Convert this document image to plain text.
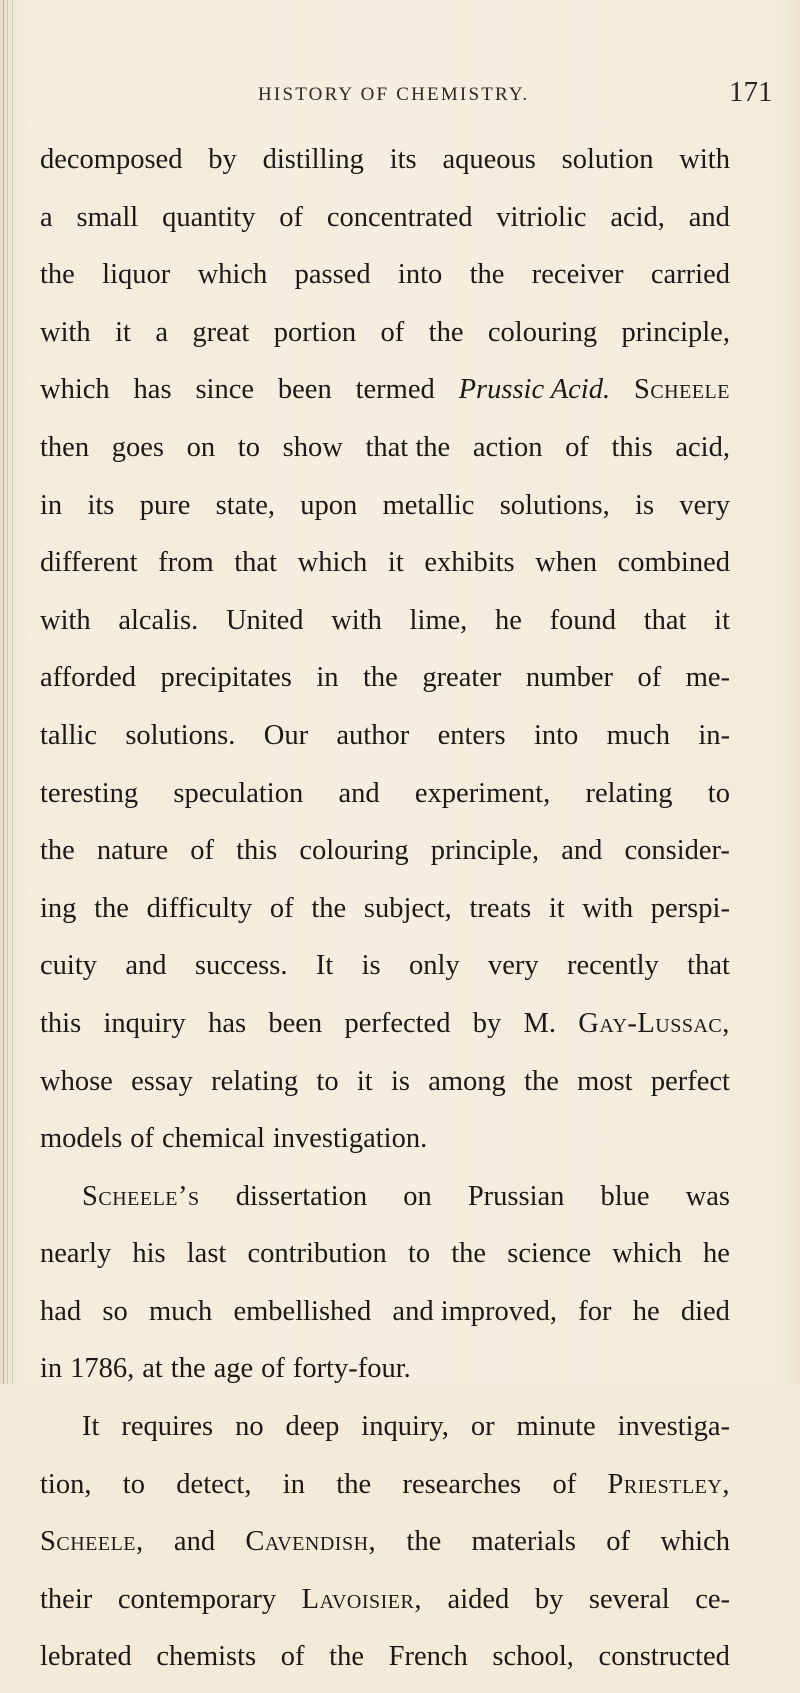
HISTORY OF CHEMISTRY.	171
decomposed by distilling its aqueous solution with
a small quantity of concentrated vitriolic acid, and
the liquor which passed into the receiver carried
with it a great portion of the colouring principle,
which has since been termed Prussic Acid. Scheele
then goes on to show that the action of this acid,
in its pure state, upon metallic solutions, is very
different from that which it exhibits when combined
with alcalis. United with lime, he found that it
afforded precipitates in the greater number of me-
tallic solutions. Our author enters into much in-
teresting speculation and experiment, relating to
the nature of this colouring principle, and consider-
ing the difficulty of the subject, treats it with perspi-
cuity and success. It is only very recently that
this inquiry has been perfected by M. Gay-Lussac,
whose essay relating to it is among the most perfect
models of chemical investigation.
Scheele’s dissertation on Prussian blue was
nearly his last contribution to the science which he
had so much embellished and improved, for he died
in 1786, at the age of forty-four.
It requires no deep inquiry, or minute investiga-
tion, to detect, in the researches of Priestley,
Scheele, and Cavendish, the materials of which
their contemporary Lavoisier, aided by several ce-
lebrated chemists of the French school, constructed
